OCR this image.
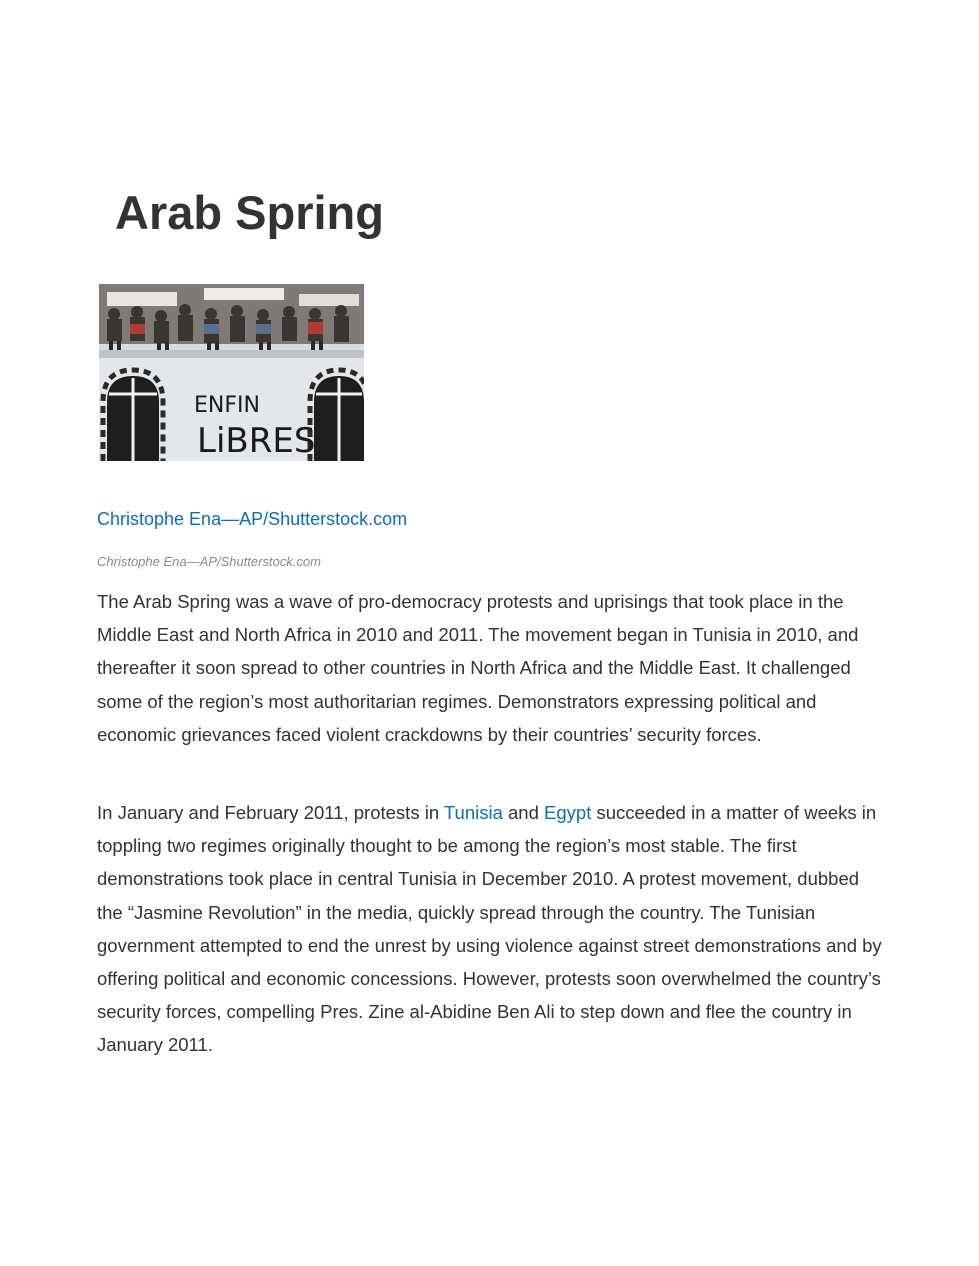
Arab Spring
ENFIN
LiBRES
Christophe Ena—AP/Shutterstock.com
Christophe Ena—AP/Shutterstock.com

The Arab Spring was a wave of pro-democracy protests and uprisings that took place in the Middle East and North Africa in 2010 and 2011. The movement began in Tunisia in 2010, and thereafter it soon spread to other countries in North Africa and the Middle East. It challenged some of the region’s most authoritarian regimes. Demonstrators expressing political and economic grievances faced violent crackdowns by their countries’ security forces.

In January and February 2011, protests in Tunisia and Egypt succeeded in a matter of weeks in toppling two regimes originally thought to be among the region’s most stable. The first demonstrations took place in central Tunisia in December 2010. A protest movement, dubbed the “Jasmine Revolution” in the media, quickly spread through the country. The Tunisian government attempted to end the unrest by using violence against street demonstrations and by offering political and economic concessions. However, protests soon overwhelmed the country’s security forces, compelling Pres. Zine al-Abidine Ben Ali to step down and flee the country in January 2011.
